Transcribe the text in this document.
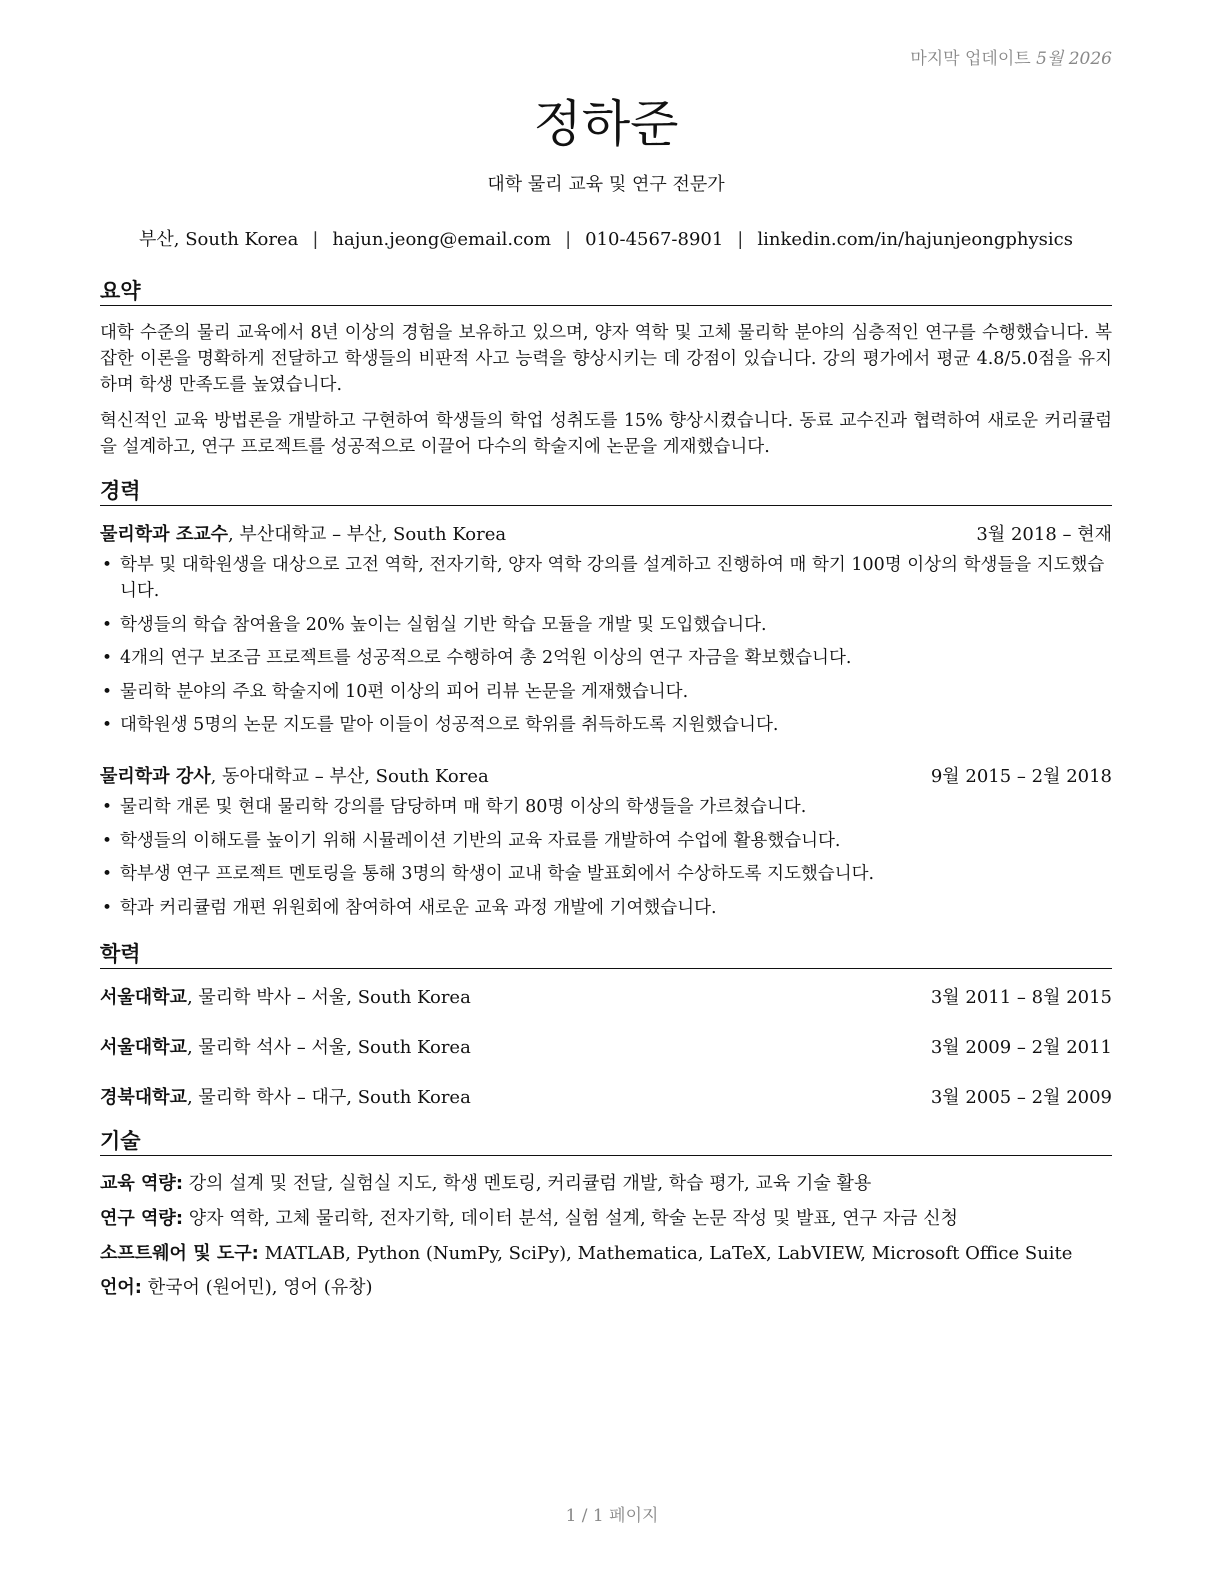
마지막 업데이트 5월 2026
정하준
대학 물리 교육 및 연구 전문가
부산, South Korea | hajun.jeong@email.com | 010-4567-8901 | linkedin.com/in/hajunjeongphysics
요약
대학 수준의 물리 교육에서 8년 이상의 경험을 보유하고 있으며, 양자 역학 및 고체 물리학 분야의 심층적인 연구를 수행했습니다. 복잡한 이론을 명확하게 전달하고 학생들의 비판적 사고 능력을 향상시키는 데 강점이 있습니다. 강의 평가에서 평균 4.8/5.0점을 유지하며 학생 만족도를 높였습니다.
혁신적인 교육 방법론을 개발하고 구현하여 학생들의 학업 성취도를 15% 향상시켰습니다. 동료 교수진과 협력하여 새로운 커리큘럼을 설계하고, 연구 프로젝트를 성공적으로 이끌어 다수의 학술지에 논문을 게재했습니다.
경력
물리학과 조교수, 부산대학교 – 부산, South Korea	3월 2018 – 현재
• 학부 및 대학원생을 대상으로 고전 역학, 전자기학, 양자 역학 강의를 설계하고 진행하여 매 학기 100명 이상의 학생들을 지도했습니다.
• 학생들의 학습 참여율을 20% 높이는 실험실 기반 학습 모듈을 개발 및 도입했습니다.
• 4개의 연구 보조금 프로젝트를 성공적으로 수행하여 총 2억원 이상의 연구 자금을 확보했습니다.
• 물리학 분야의 주요 학술지에 10편 이상의 피어 리뷰 논문을 게재했습니다.
• 대학원생 5명의 논문 지도를 맡아 이들이 성공적으로 학위를 취득하도록 지원했습니다.
물리학과 강사, 동아대학교 – 부산, South Korea	9월 2015 – 2월 2018
• 물리학 개론 및 현대 물리학 강의를 담당하며 매 학기 80명 이상의 학생들을 가르쳤습니다.
• 학생들의 이해도를 높이기 위해 시뮬레이션 기반의 교육 자료를 개발하여 수업에 활용했습니다.
• 학부생 연구 프로젝트 멘토링을 통해 3명의 학생이 교내 학술 발표회에서 수상하도록 지도했습니다.
• 학과 커리큘럼 개편 위원회에 참여하여 새로운 교육 과정 개발에 기여했습니다.
학력
서울대학교, 물리학 박사 – 서울, South Korea	3월 2011 – 8월 2015
서울대학교, 물리학 석사 – 서울, South Korea	3월 2009 – 2월 2011
경북대학교, 물리학 학사 – 대구, South Korea	3월 2005 – 2월 2009
기술
교육 역량: 강의 설계 및 전달, 실험실 지도, 학생 멘토링, 커리큘럼 개발, 학습 평가, 교육 기술 활용
연구 역량: 양자 역학, 고체 물리학, 전자기학, 데이터 분석, 실험 설계, 학술 논문 작성 및 발표, 연구 자금 신청
소프트웨어 및 도구: MATLAB, Python (NumPy, SciPy), Mathematica, LaTeX, LabVIEW, Microsoft Office Suite
언어: 한국어 (원어민), 영어 (유창)
1 / 1 페이지
